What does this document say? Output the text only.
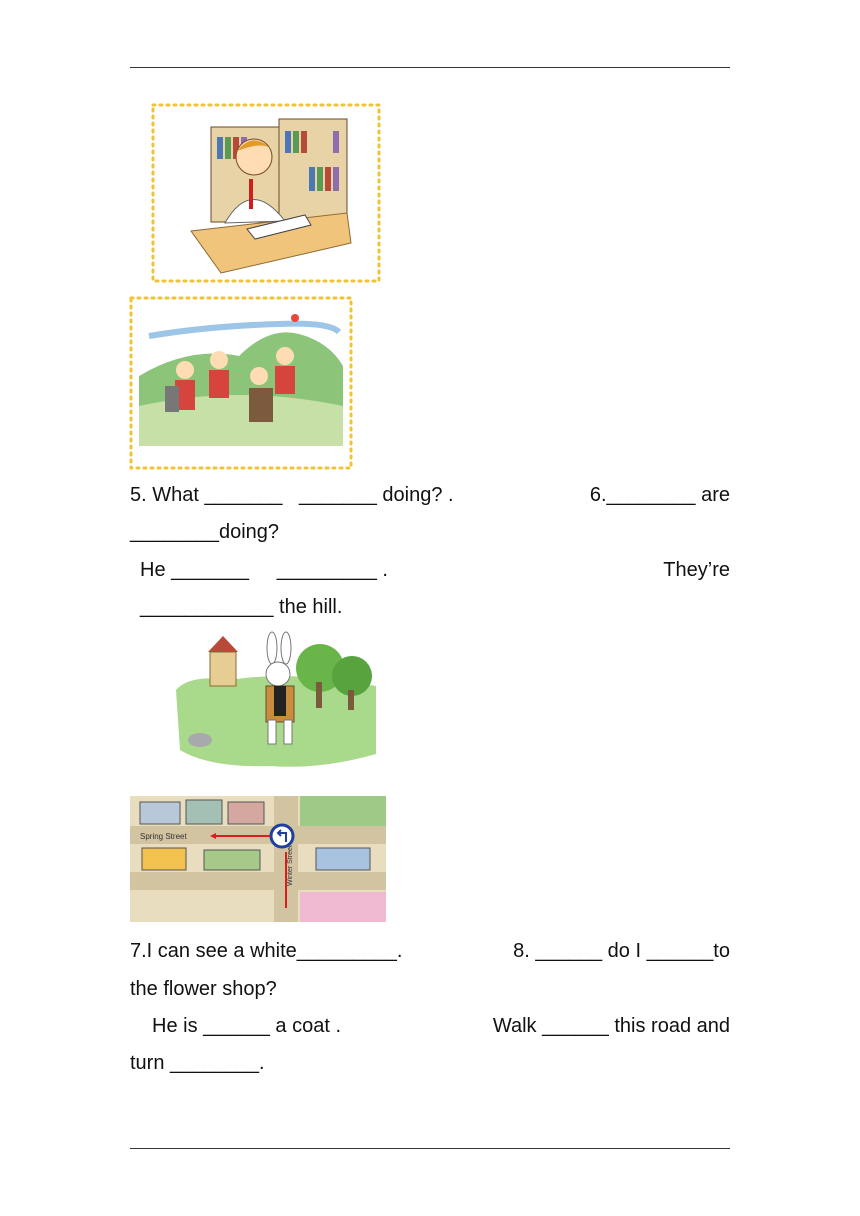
5. What _______   _______ doing? .	6.________ are
________doing?
He _______     _________ .	They’re
____________ the hill.
Spring Street
Winter Street
7.I can see a white_________.	8. ______ do I ______to
the flower shop?
He is ______ a coat .	Walk ______ this road and
turn ________.
